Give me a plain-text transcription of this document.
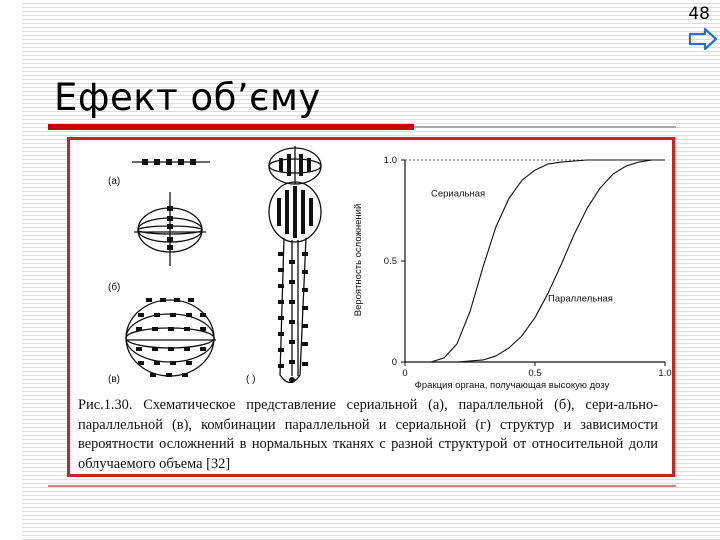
48
Ефект об’єму
(a)
(б)
(в)	( )
0
0.5
1.0
0	0.5	1.0
Сериальная
Параллельная
Вероятность осложнений
Фракция органа, получающая высокую дозу
Рис.1.30. Схематическое представление сериальной (а), параллельной (б), сери-ально-параллельной (в), комбинации параллельной и сериальной (г) структур и зависимости вероятности осложнений в нормальных тканях с разной структурой от относительной доли облучаемого объема [32]
